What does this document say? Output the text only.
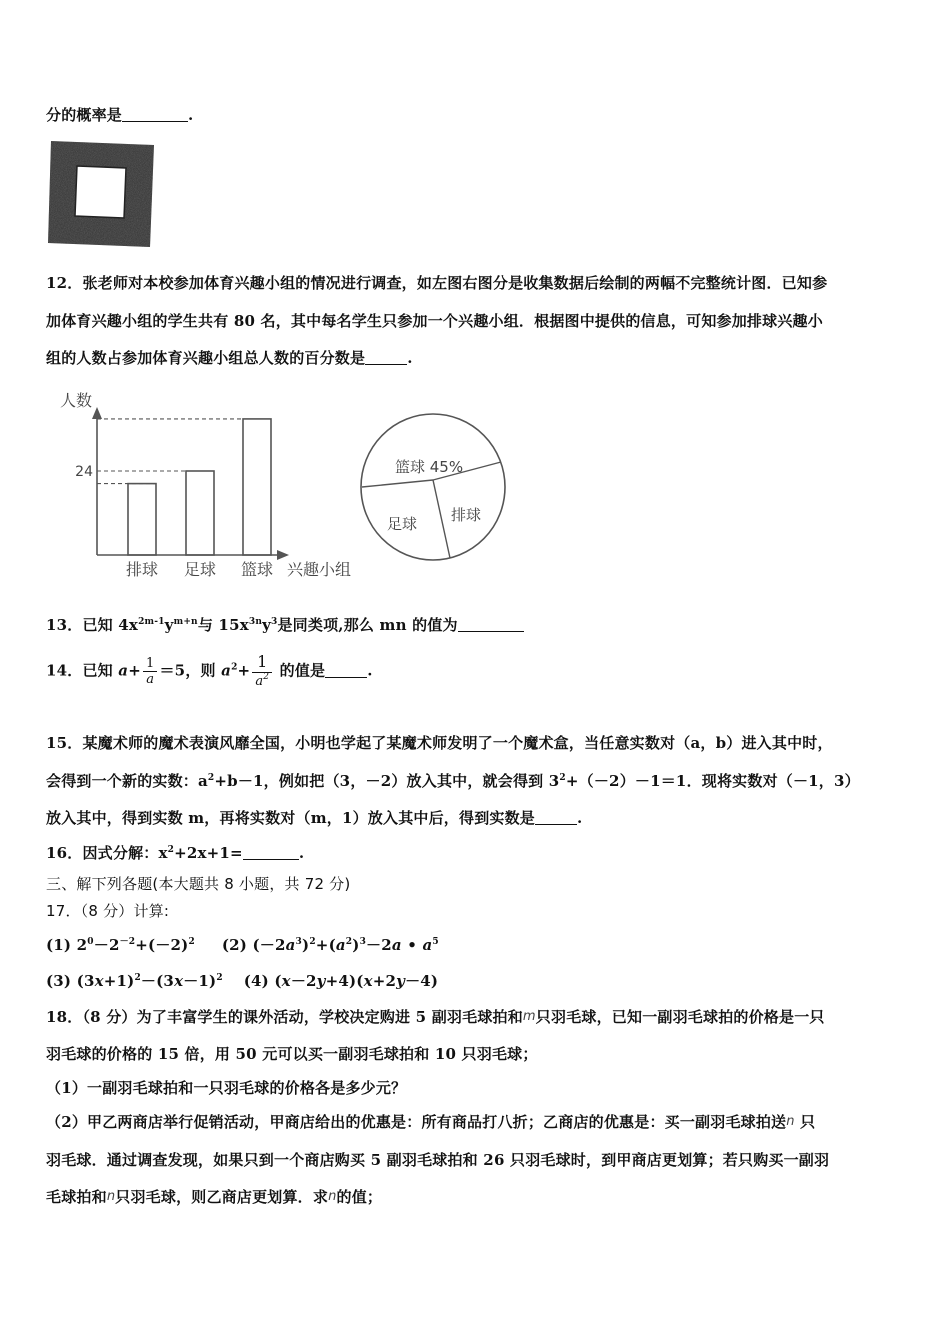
分的概率是	.
12．张老师对本校参加体育兴趣小组的情况进行调查，如左图右图分是收集数据后绘制的两幅不完整统计图．已知参
加体育兴趣小组的学生共有 80 名，其中每名学生只参加一个兴趣小组．根据图中提供的信息，可知参加排球兴趣小
组的人数占参加体育兴趣小组总人数的百分数是	.
人数
排球 足球 篮球
24
兴趣小组
篮球 45%
足球 排球
13．已知 $4x^{2m-1}y^{m+n}$与 $15x^{3n}y^3$是同类项,那么 mn 的值为
14．已知 $a+ \frac{1}{a} =5$，则 $a^2+ \frac{1}{a^2}$ 的值是	.
15．某魔术师的魔术表演风靡全国，小明也学起了某魔术师发明了一个魔术盒，当任意实数对（a，b）进入其中时，
会得到一个新的实数：$a^2+b-1$，例如把（3，－2）放入其中，就会得到 $3^2+(-2)-1=1$．现将实数对（－1，3）
放入其中，得到实数 m，再将实数对（m，1）放入其中后，得到实数是	.
16．因式分解：$x^2+2x+1=$	.
三、解下列各题(本大题共 8 小题，共 72 分)
17．（8 分）计算:
(1) $2^0-2^{-2}+(-2)^2$ (2) $(-2a^3)^2+(a^2)^3-2a$ • $a^5$
(3) $(3x+1)^2-(3x-1)^2$ (4) (x－2y+4)(x+2y－4)
18．（8 分）为了丰富学生的课外活动，学校决定购进 5 副羽毛球拍和m只羽毛球，已知一副羽毛球拍的价格是一只
羽毛球的价格的 15 倍，用 50 元可以买一副羽毛球拍和 10 只羽毛球；
（1）一副羽毛球拍和一只羽毛球的价格各是多少元？
（2）甲乙两商店举行促销活动，甲商店给出的优惠是：所有商品打八折；乙商店的优惠是：买一副羽毛球拍送n 只
羽毛球．通过调查发现，如果只到一个商店购买 5 副羽毛球拍和 26 只羽毛球时，到甲商店更划算；若只购买一副羽
毛球拍和n只羽毛球，则乙商店更划算．求n的值；
